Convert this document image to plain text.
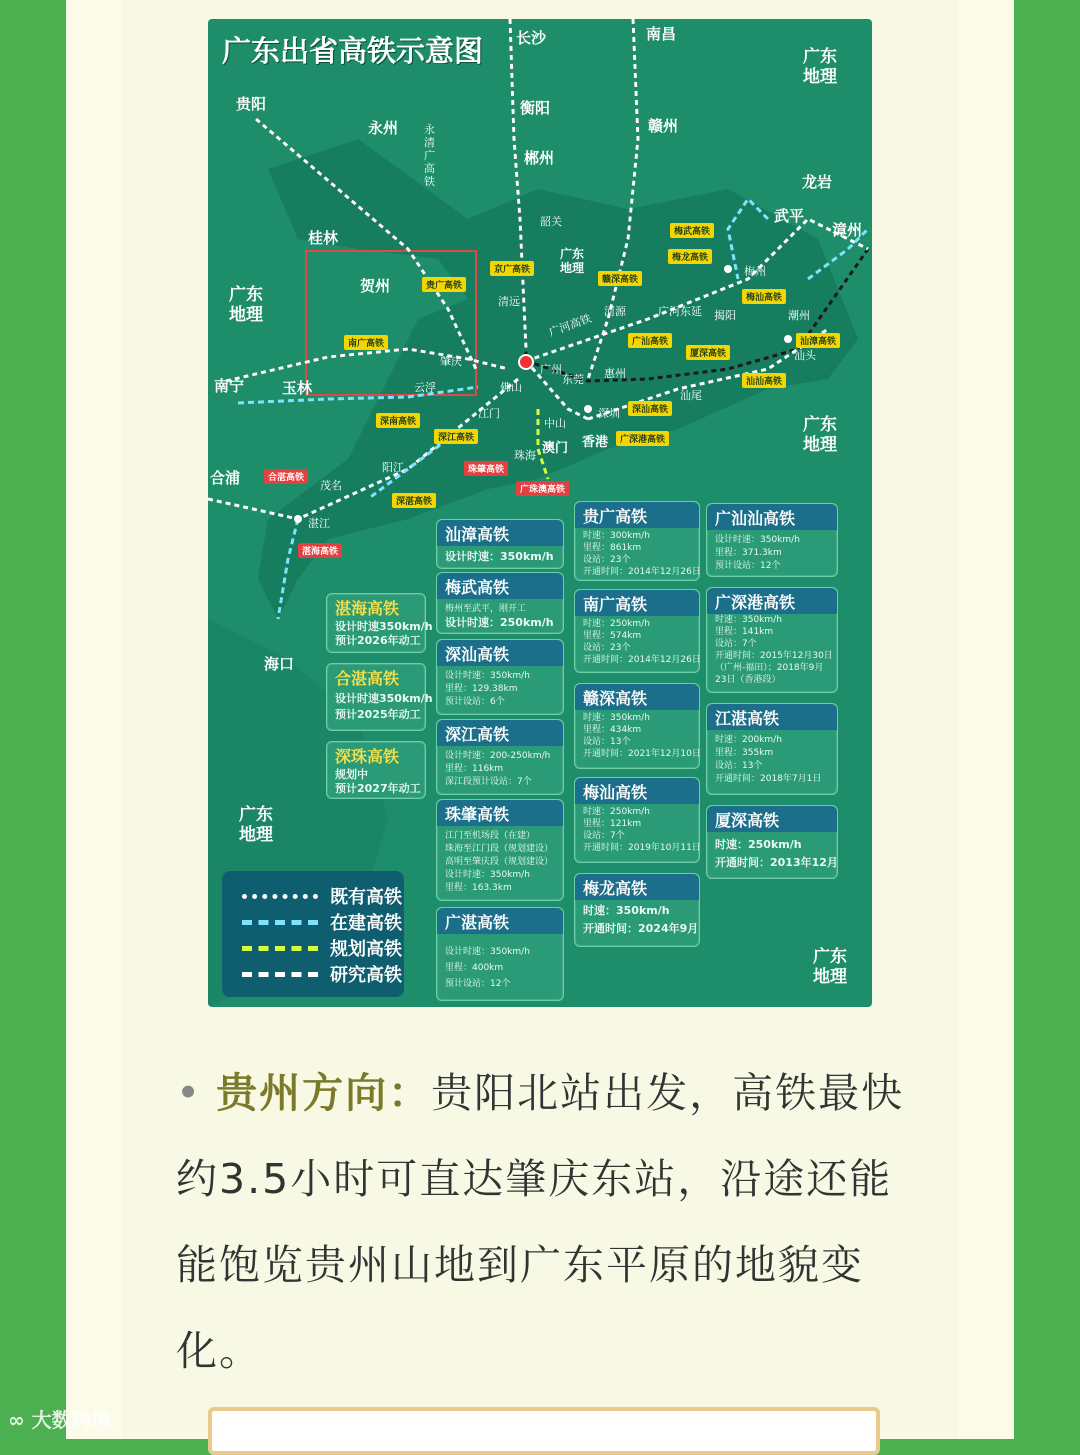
广东出省高铁示意图	广东
地理
广东
地理
广东
地理
广东
地理
广东
地理
广东
地理
长沙	南昌
贵阳
永州
衡阳
赣州
郴州
龙岩
武平
漳州
桂林
贺州
韶关
清远
梅州
河源	揭阳	潮州
汕头
南宁	玉林
肇庆
云浮
广州
佛山
东莞 惠州
汕尾
江门
中山
深圳
珠海 澳门 香港
阳江
茂名
合浦
湛江
海口
永
清
广
高
铁
广河高铁
广河东延
贵广高铁
京广高铁
南广高铁
梅武高铁
梅龙高铁
赣深高铁
梅汕高铁
广汕高铁
厦深高铁
汕漳高铁
汕汕高铁
深汕高铁
广深港高铁
深南高铁
深江高铁
珠肇高铁
广珠澳高铁
合湛高铁
深湛高铁
湛海高铁
湛海高铁
设计时速350km/h
预计2026年动工
合湛高铁
设计时速350km/h
预计2025年动工
深珠高铁
规划中
预计2027年动工
汕漳高铁
设计时速：350km/h
梅武高铁
梅州至武平，刚开工
设计时速：250km/h
深汕高铁
设计时速：350km/h
里程：129.38km
预计设站：6个
深江高铁
设计时速：200-250km/h
里程：116km
深江段预计设站：7个
珠肇高铁
江门至机场段（在建）
珠海至江门段（规划建设）
高明至肇庆段（规划建设）
设计时速：350km/h
里程：163.3km
广湛高铁
设计时速：350km/h
里程：400km
预计设站：12个
贵广高铁
时速：300km/h
里程：861km
设站：23个
开通时间：2014年12月26日
南广高铁
时速：250km/h
里程：574km
设站：23个
开通时间：2014年12月26日
赣深高铁
时速：350km/h
里程：434km
设站：13个
开通时间：2021年12月10日
梅汕高铁
时速：250km/h
里程：121km
设站：7个
开通时间：2019年10月11日
梅龙高铁
时速：350km/h
开通时间：2024年9月
广汕汕高铁
设计时速：350km/h
里程：371.3km
预计设站：12个
广深港高铁
时速：350km/h
里程：141km
设站：7个
开通时间：2015年12月30日
（广州-福田）；2018年9月
23日（香港段）
江湛高铁
时速：200km/h
里程：355km
设站：13个
开通时间：2018年7月1日
厦深高铁
时速：250km/h
开通时间：2013年12月
既有高铁
在建高铁
规划高铁
研究高铁
• 贵州方向：贵阳北站出发，高铁最快约3.5小时可直达肇庆东站，沿途还能能饱览贵州山地到广东平原的地貌变化。
∞ 大数跨境
